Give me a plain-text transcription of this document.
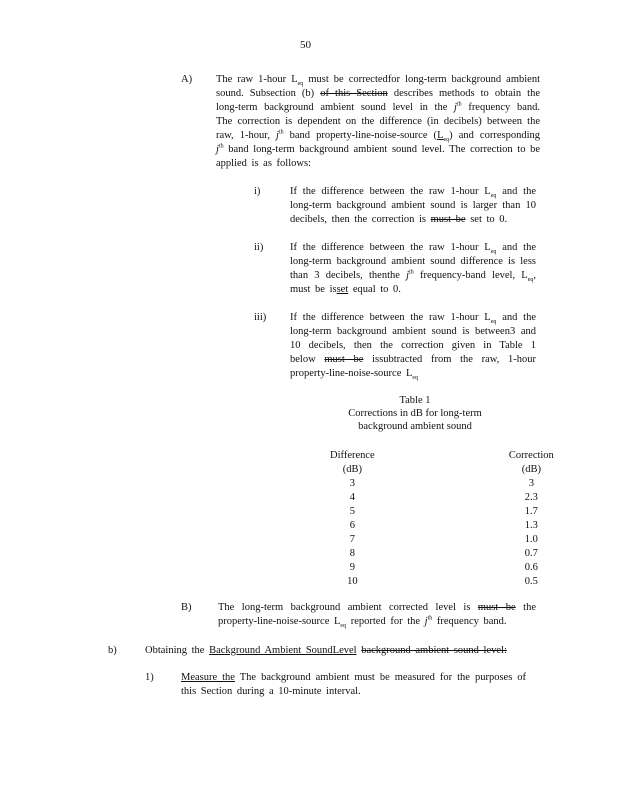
50
A) The raw 1-hour $L_{eq}$ must be correctedfor long-term background ambient sound. Subsection (b) of this Section describes methods to obtain the long-term background ambient sound level in the $j^{th}$ frequency band. The correction is dependent on the difference (in decibels) between the raw, 1-hour, $j^{th}$ band property-line-noise-source $(L_{eq})$ and corresponding $j^{th}$ band long-term background ambient sound level. The correction to be applied is as follows:
i)	If the difference between the raw 1-hour $L_{eq}$ and the long-term background ambient sound is larger than 10 decibels, then the correction is must be set to 0.
ii)	If the difference between the raw 1-hour $L_{eq}$ and the long-term background ambient sound difference is less than 3 decibels, thenthe $j^{th}$ frequency-band level, $L_{eq}$, must be isset equal to 0.
iii) If the difference between the raw 1-hour $L_{eq}$ and the long-term background ambient sound is between3 and 10 decibels, then the correction given in Table 1 below must be issubtracted from the raw, 1-hour property-line-noise-source $L_{eq}$
Table 1
Corrections in dB for long-term
background ambient sound
Difference	Correction
(dB)	(dB)
3	3
4	2.3
5	1.7
6	1.3
7	1.0
8	0.7
9	0.6
10	0.5
B)	The long-term background ambient corrected level is must be the property-line-noise-source $L_{eq}$ reported for the $j^{th}$ frequency band.
b)	Obtaining the Background Ambient SoundLevel background ambient sound level:
1)	Measure the The background ambient must be measured for the purposes of this Section during a 10-minute interval.
